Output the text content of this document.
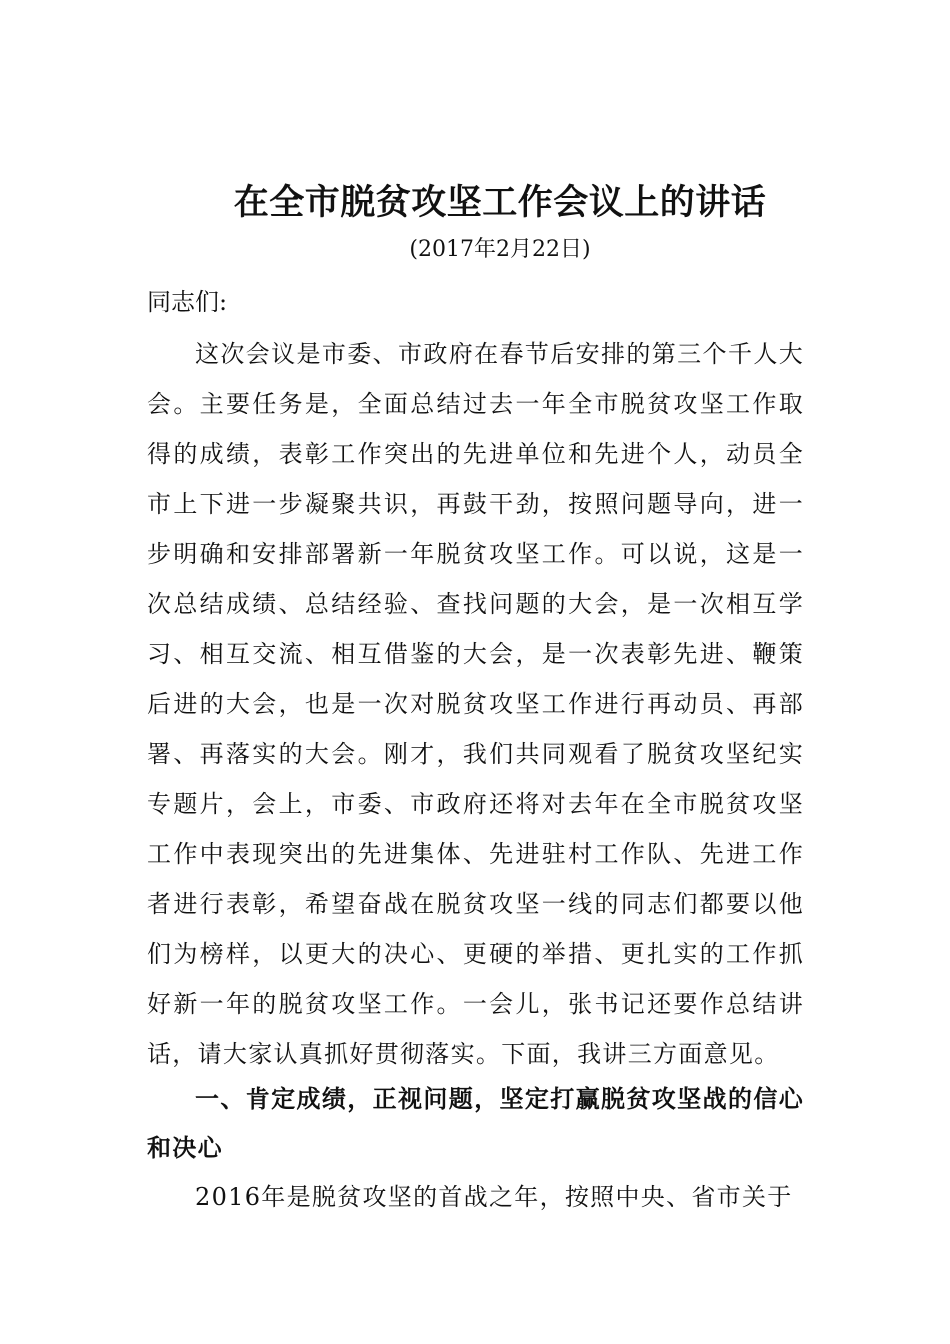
在全市脱贫攻坚工作会议上的讲话
(2017年2月22日)
同志们:
这次会议是市委、市政府在春节后安排的第三个千人大会。主要任务是，全面总结过去一年全市脱贫攻坚工作取得的成绩，表彰工作突出的先进单位和先进个人，动员全市上下进一步凝聚共识，再鼓干劲，按照问题导向，进一步明确和安排部署新一年脱贫攻坚工作。可以说，这是一次总结成绩、总结经验、查找问题的大会，是一次相互学习、相互交流、相互借鉴的大会，是一次表彰先进、鞭策后进的大会，也是一次对脱贫攻坚工作进行再动员、再部署、再落实的大会。刚才，我们共同观看了脱贫攻坚纪实专题片，会上，市委、市政府还将对去年在全市脱贫攻坚工作中表现突出的先进集体、先进驻村工作队、先进工作者进行表彰，希望奋战在脱贫攻坚一线的同志们都要以他们为榜样，以更大的决心、更硬的举措、更扎实的工作抓好新一年的脱贫攻坚工作。一会儿，张书记还要作总结讲话，请大家认真抓好贯彻落实。下面，我讲三方面意见。
一、肯定成绩，正视问题，坚定打赢脱贫攻坚战的信心和决心
2016年是脱贫攻坚的首战之年，按照中央、省市关于
